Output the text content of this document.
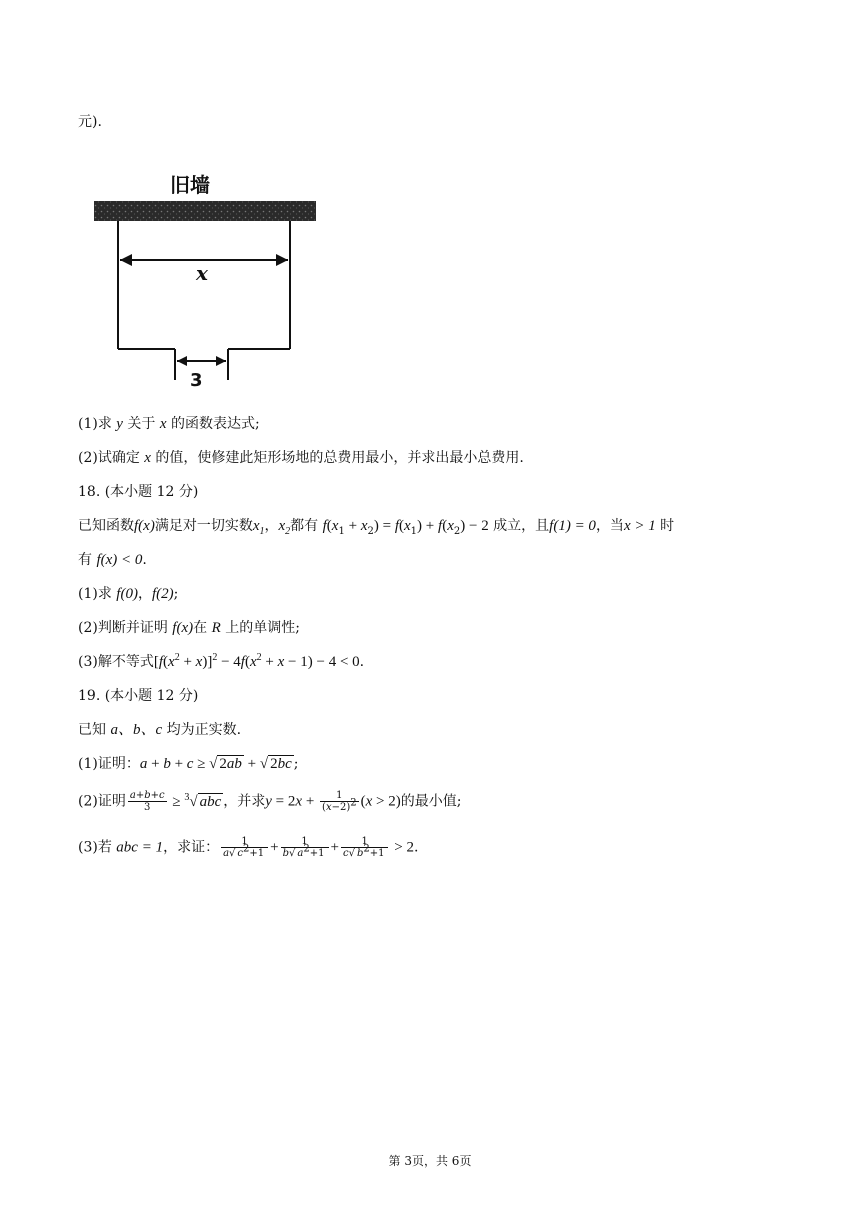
元).
旧墙
x
3
(1)求 y 关于 x 的函数表达式;
(2)试确定 x 的值，使修建此矩形场地的总费用最小，并求出最小总费用.
18. (本小题 12 分)
已知函数f(x)满足对一切实数$x_1$，$x_2$都有 $f(x_1 + x_2) = f(x_1) + f(x_2) - 2$ 成立，且f(1) = 0，当x > 1 时
有 f(x) < 0.
(1)求 f(0)，f(2);
(2)判断并证明 f(x)在 R 上的单调性;
(3)解不等式$[f(x^2 + x)]^2 - 4f(x^2 + x - 1) - 4 < 0$.
19. (本小题 12 分)
已知 a、b、c 均为正实数.
(1)证明：a + b + c ≥ √ 2ab + √ 2bc ;
(2)证明 $\frac{a+b+c}{3} \ge ^3√$ abc ，并求$y = 2x + \frac{1}{(x-2)^2} (x > 2)$的最小值;
(3)若 abc = 1，求证： $\frac{1}{a√ c^2+1} + \frac{1}{b√ a^2+1} + \frac{1}{c√ b^2+1} > 2$.
第 3页，共 6页
